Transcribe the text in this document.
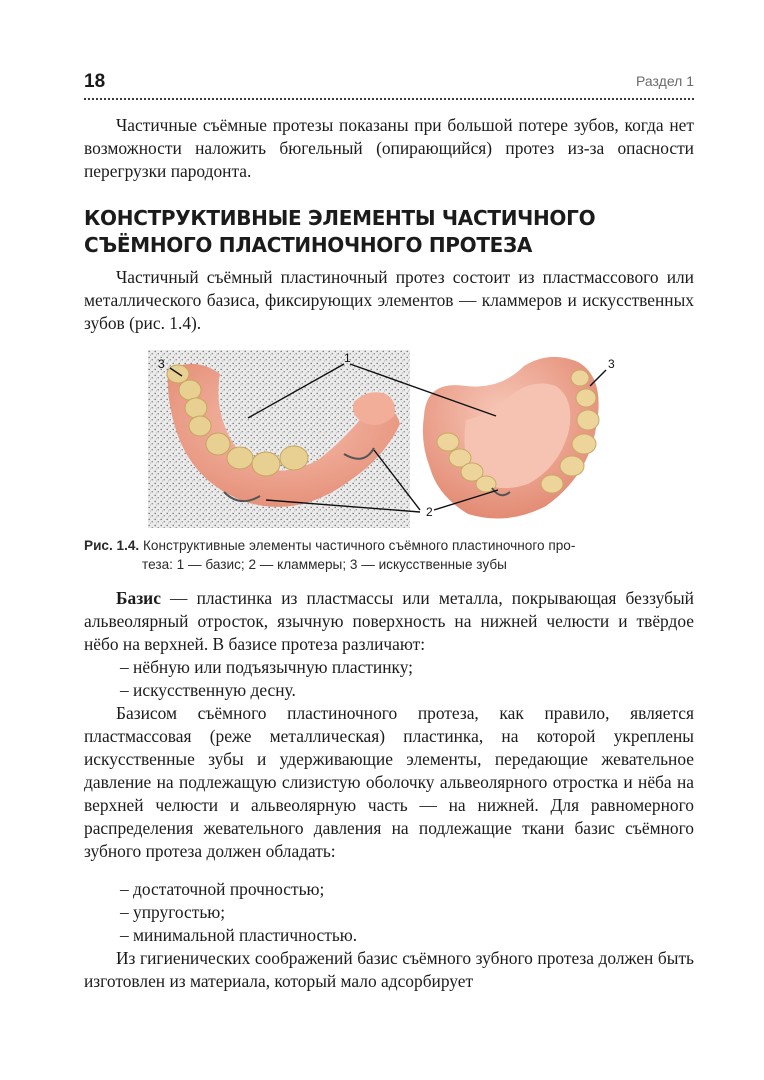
18	Раздел 1

Частичные съёмные протезы показаны при большой потере зубов, когда нет возможности наложить бюгельный (опирающийся) протез из-за опасности перегрузки пародонта.

КОНСТРУКТИВНЫЕ ЭЛЕМЕНТЫ ЧАСТИЧНОГО
СЪЁМНОГО ПЛАСТИНОЧНОГО ПРОТЕЗА

Частичный съёмный пластиночный протез состоит из пластмассового или металлического базиса, фиксирующих элементов — кламмеров и искусственных зубов (рис. 1.4).

1
2
3	3
Рис. 1.4. Конструктивные элементы частичного съёмного пластиночного про-
теза: 1 — базис; 2 — кламмеры; 3 — искусственные зубы
Базис — пластинка из пластмассы или металла, покрывающая беззубый альвеолярный отросток, язычную поверхность на нижней челюсти и твёрдое нёбо на верхней. В базисе протеза различают:
– нёбную или подъязычную пластинку;
– искусственную десну.

Базисом съёмного пластиночного протеза, как правило, является пластмассовая (реже металлическая) пластинка, на которой укреплены искусственные зубы и удерживающие элементы, передающие жевательное давление на подлежащую слизистую оболочку альвеолярного отростка и нёба на верхней челюсти и альвеолярную часть — на нижней. Для равномерного распределения жевательного давления на подлежащие ткани базис съёмного зубного протеза должен обладать:

– достаточной прочностью;
– упругостью;
– минимальной пластичностью.

Из гигиенических соображений базис съёмного зубного протеза должен быть изготовлен из материала, который мало адсорбирует
